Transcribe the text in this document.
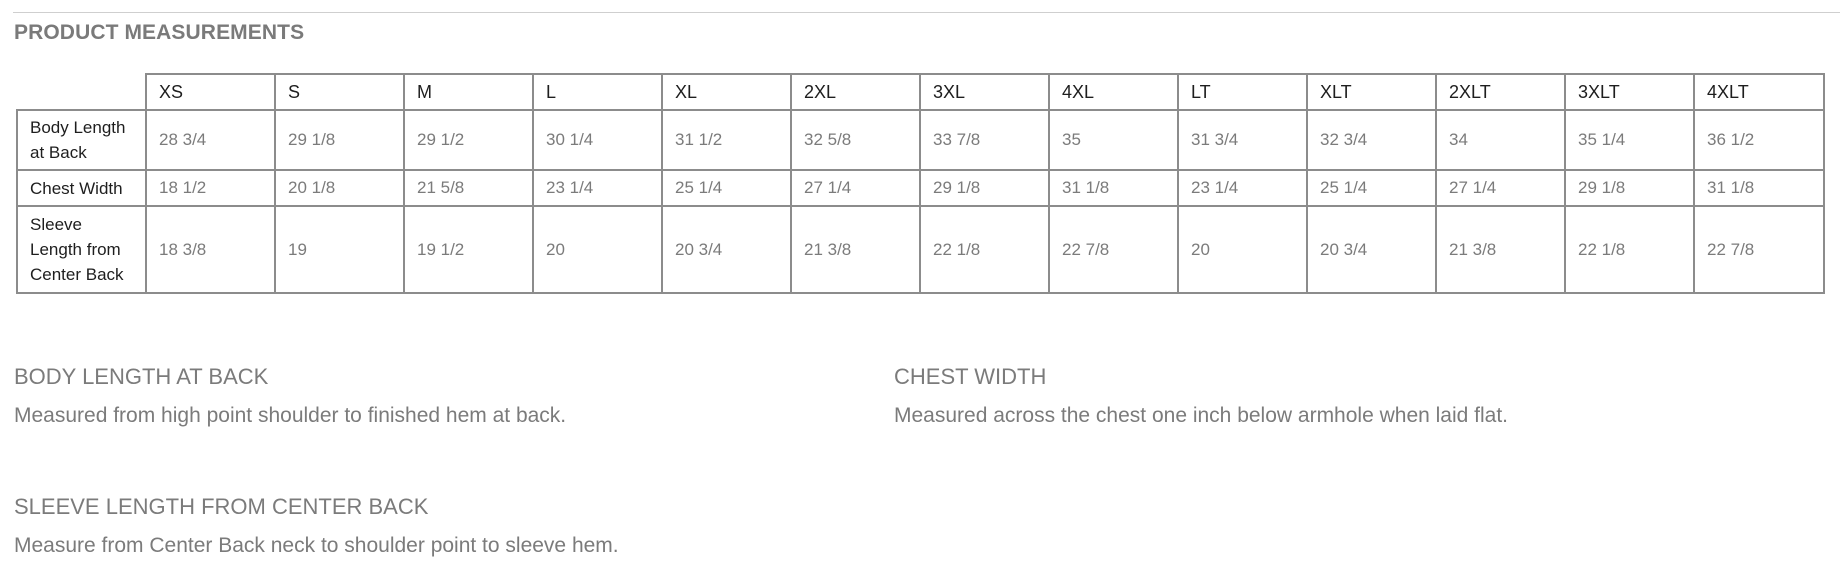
PRODUCT MEASUREMENTS
	XS	S	M	L	XL	2XL	3XL	4XL	LT	XLT	2XLT	3XLT	4XLT
Body Length at Back	28 3/4	29 1/8	29 1/2	30 1/4	31 1/2	32 5/8	33 7/8	35	31 3/4	32 3/4	34	35 1/4	36 1/2
Chest Width	18 1/2	20 1/8	21 5/8	23 1/4	25 1/4	27 1/4	29 1/8	31 1/8	23 1/4	25 1/4	27 1/4	29 1/8	31 1/8
Sleeve Length from Center Back	18 3/8	19	19 1/2	20	20 3/4	21 3/8	22 1/8	22 7/8	20	20 3/4	21 3/8	22 1/8	22 7/8

BODY LENGTH AT BACK

Measured from high point shoulder to finished hem at back.

CHEST WIDTH

Measured across the chest one inch below armhole when laid flat.

SLEEVE LENGTH FROM CENTER BACK

Measure from Center Back neck to shoulder point to sleeve hem.
